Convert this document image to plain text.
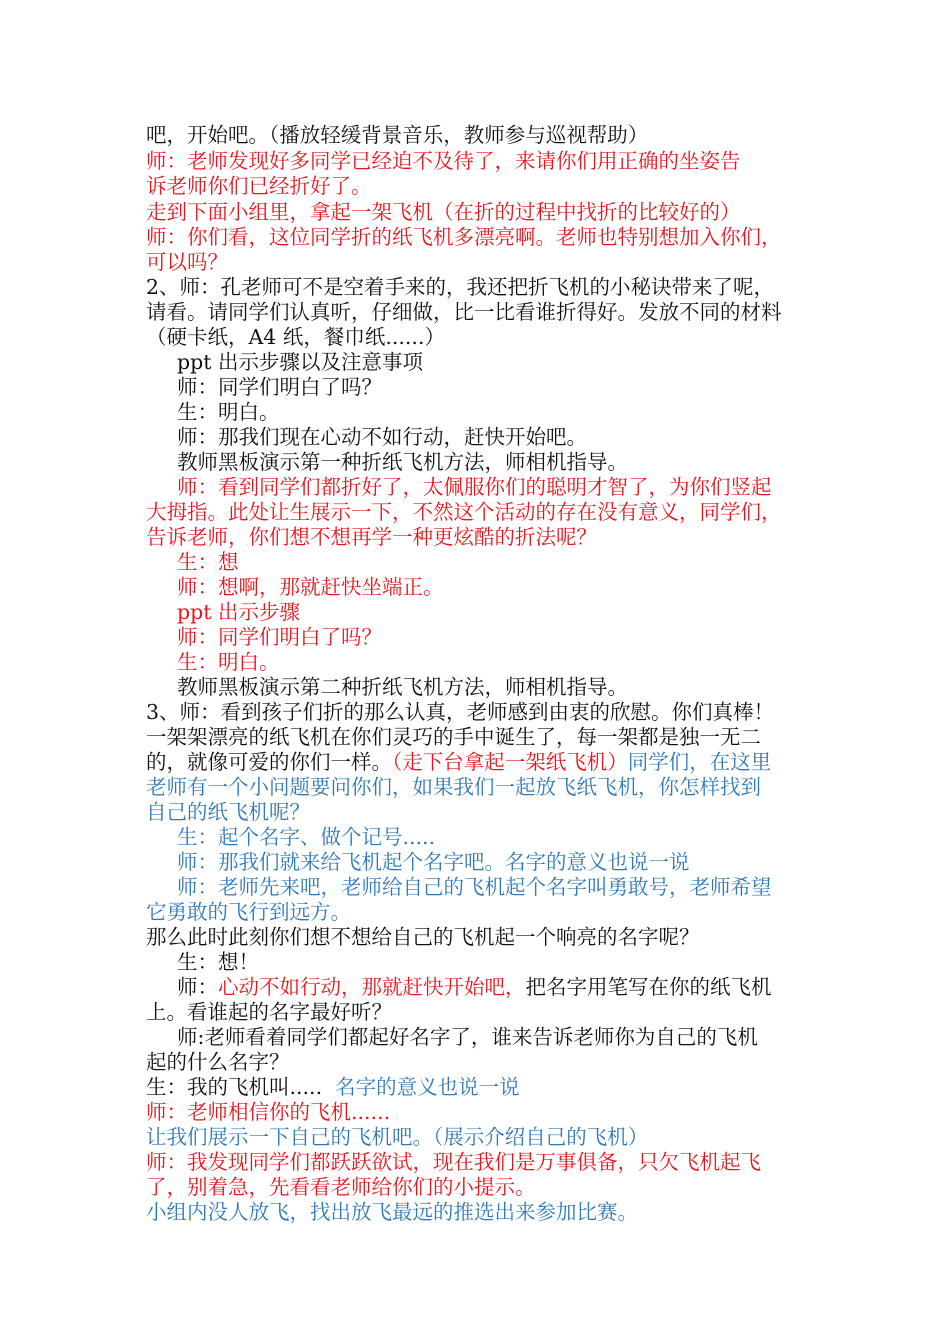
吧，开始吧。（播放轻缓背景音乐，教师参与巡视帮助）
师：老师发现好多同学已经迫不及待了，来请你们用正确的坐姿告
诉老师你们已经折好了。
走到下面小组里，拿起一架飞机（在折的过程中找折的比较好的）
师：你们看，这位同学折的纸飞机多漂亮啊。老师也特别想加入你们，
可以吗？
2、师：孔老师可不是空着手来的，我还把折飞机的小秘诀带来了呢，
请看。请同学们认真听，仔细做，比一比看谁折得好。发放不同的材料
（硬卡纸，A4 纸，餐巾纸......）
ppt 出示步骤以及注意事项
师：同学们明白了吗？
生：明白。
师：那我们现在心动不如行动，赶快开始吧。
教师黑板演示第一种折纸飞机方法，师相机指导。
师：看到同学们都折好了，太佩服你们的聪明才智了，为你们竖起
大拇指。此处让生展示一下，不然这个活动的存在没有意义，同学们，
告诉老师，你们想不想再学一种更炫酷的折法呢？
生：想
师：想啊，那就赶快坐端正。
ppt 出示步骤
师：同学们明白了吗？
生：明白。
教师黑板演示第二种折纸飞机方法，师相机指导。
3、师：看到孩子们折的那么认真，老师感到由衷的欣慰。你们真棒！
一架架漂亮的纸飞机在你们灵巧的手中诞生了，每一架都是独一无二
的，就像可爱的你们一样。（走下台拿起一架纸飞机）同学们，在这里
老师有一个小问题要问你们，如果我们一起放飞纸飞机，你怎样找到
自己的纸飞机呢？
生：起个名字、做个记号.....
师：那我们就来给飞机起个名字吧。名字的意义也说一说
师：老师先来吧，老师给自己的飞机起个名字叫勇敢号，老师希望
它勇敢的飞行到远方。
那么此时此刻你们想不想给自己的飞机起一个响亮的名字呢？
生：想！
师：心动不如行动，那就赶快开始吧，把名字用笔写在你的纸飞机
上。看谁起的名字最好听？
师:老师看着同学们都起好名字了，谁来告诉老师你为自己的飞机
起的什么名字？
生：我的飞机叫.....  名字的意义也说一说
师：老师相信你的飞机......
让我们展示一下自己的飞机吧。（展示介绍自己的飞机）
师：我发现同学们都跃跃欲试，现在我们是万事俱备，只欠飞机起飞
了，别着急，先看看老师给你们的小提示。
小组内没人放飞，找出放飞最远的推选出来参加比赛。
